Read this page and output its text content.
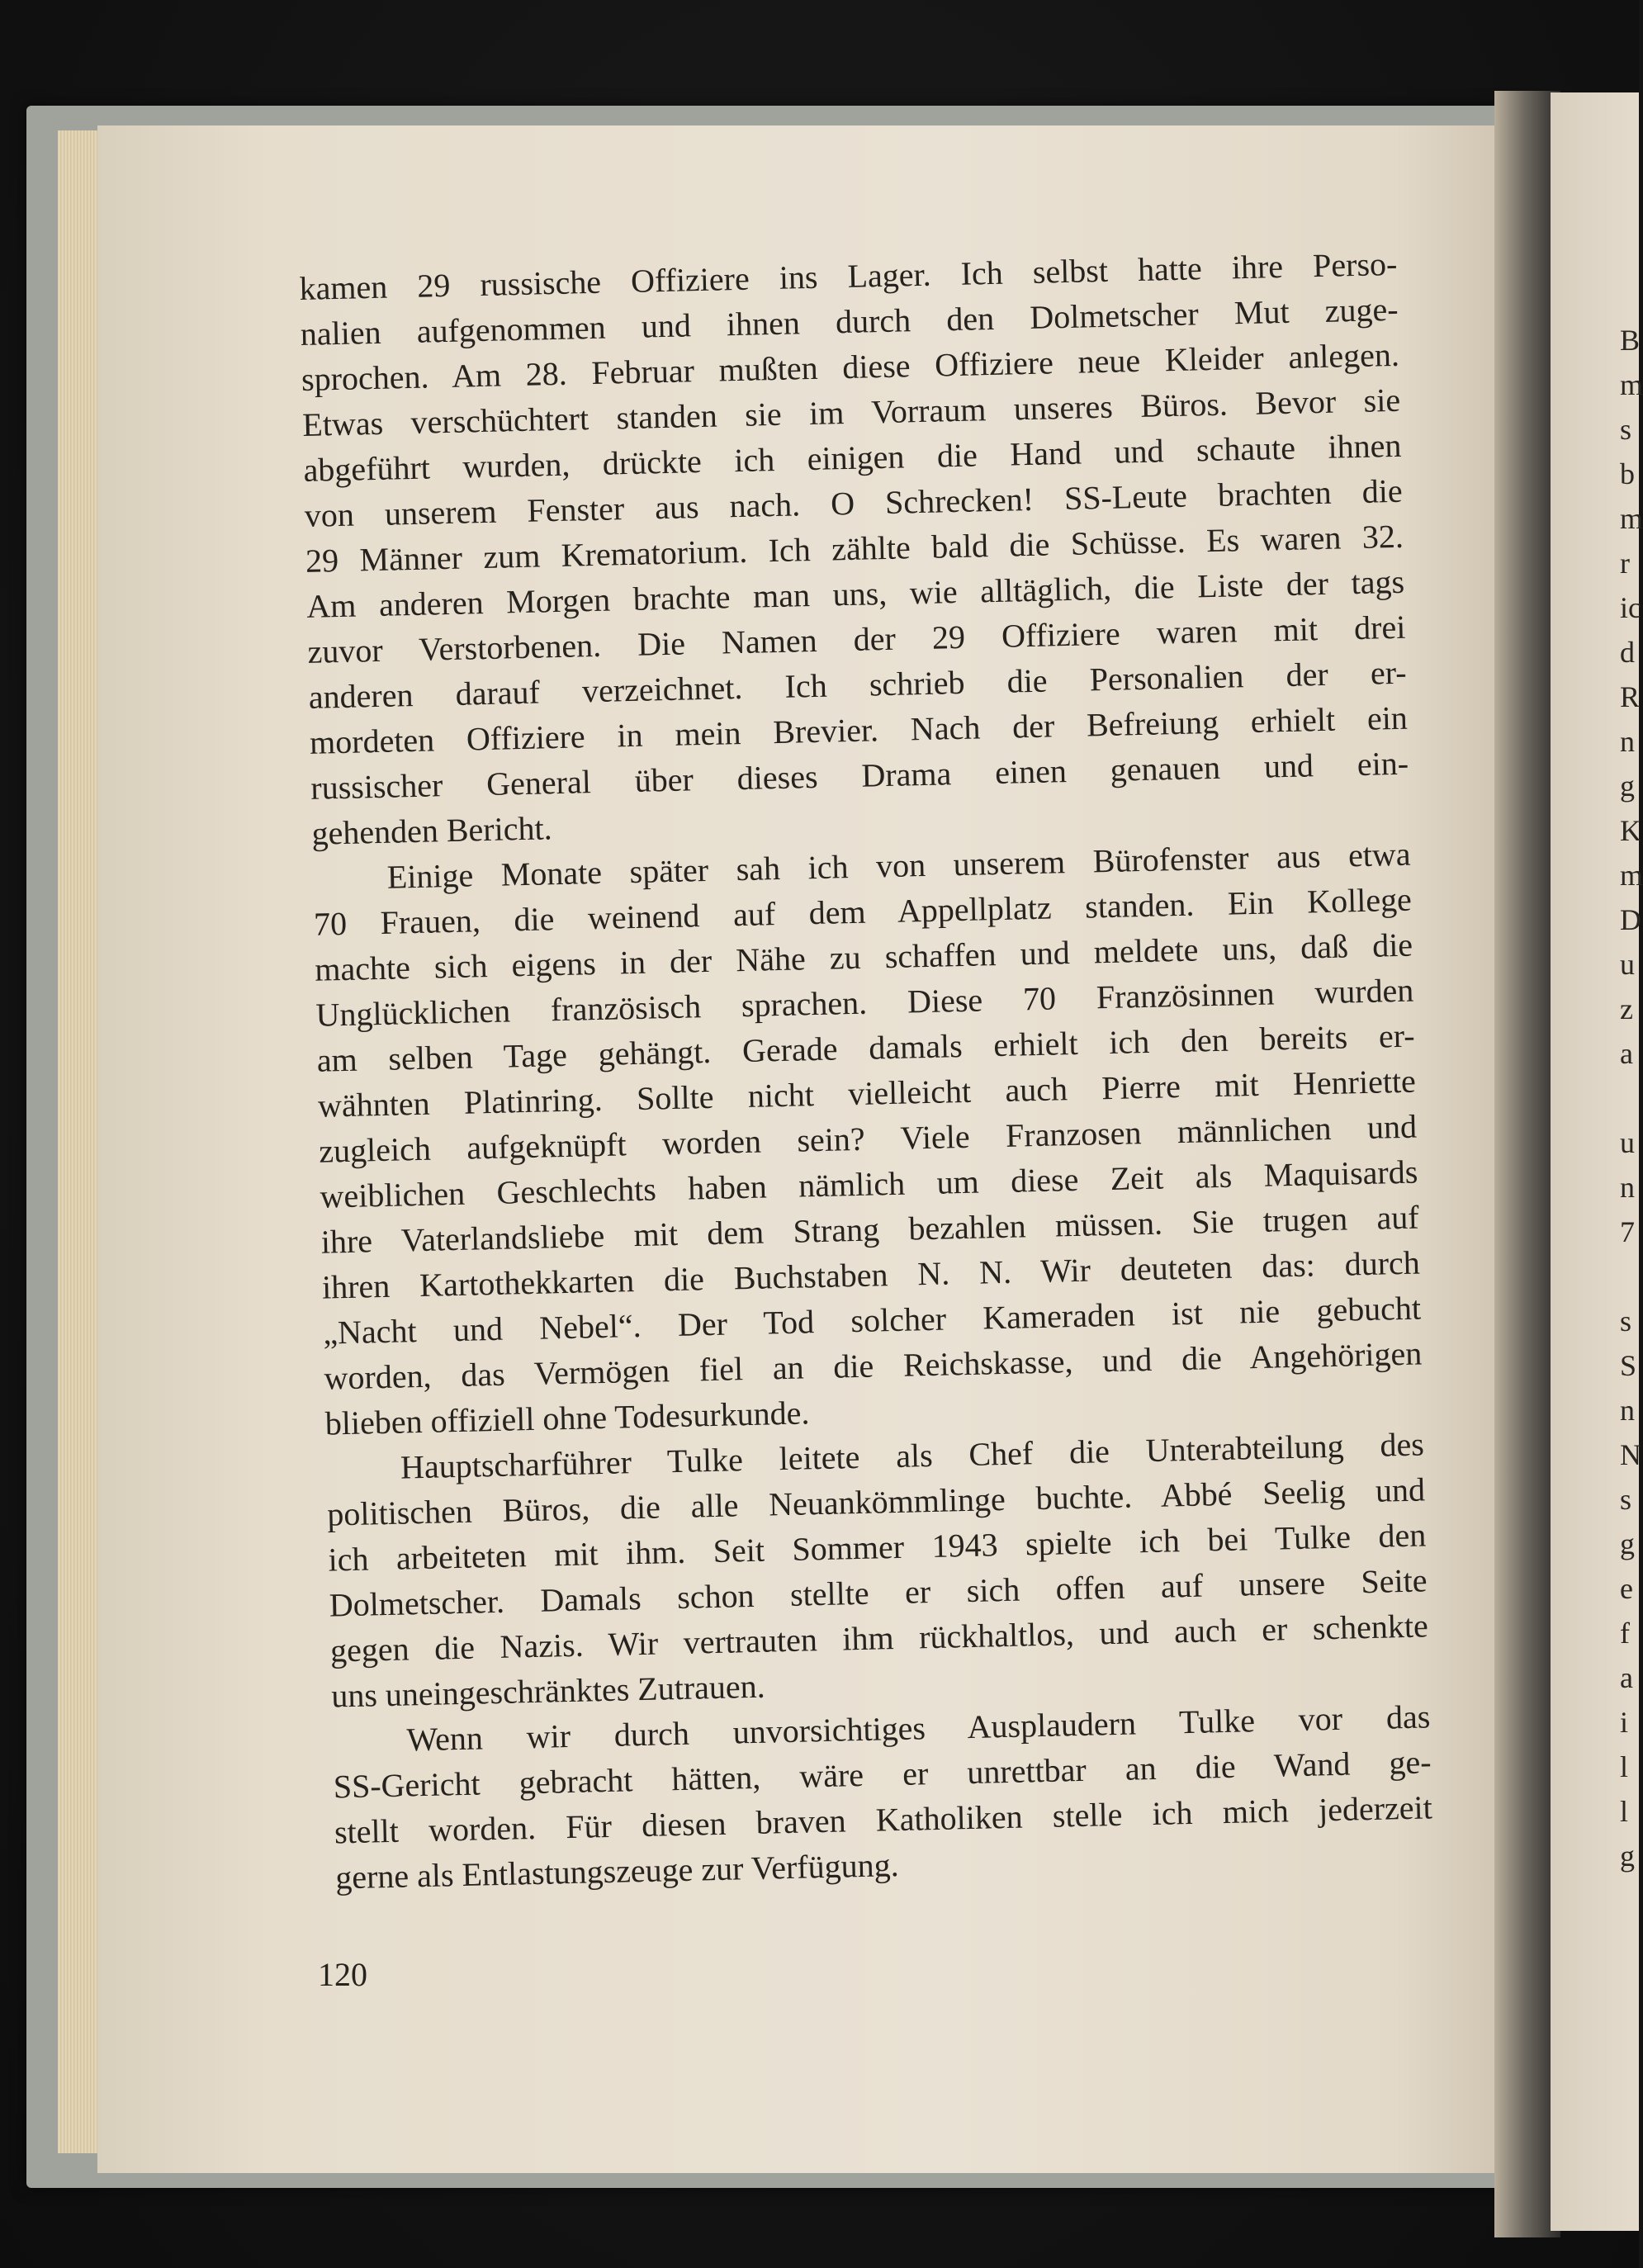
B
m
s
b
m
r
ic
d
R
n
g
K
m
D
u
z
a
u
n
7
s
S
n
N
s
g
e
f
a
i
l
l
g
kamen 29 russische Offiziere ins Lager. Ich selbst hatte ihre Perso-
nalien aufgenommen und ihnen durch den Dolmetscher Mut zuge-
sprochen. Am 28. Februar mußten diese Offiziere neue Kleider anlegen.
Etwas verschüchtert standen sie im Vorraum unseres Büros. Bevor sie
abgeführt wurden, drückte ich einigen die Hand und schaute ihnen
von unserem Fenster aus nach. O Schrecken! SS-Leute brachten die
29 Männer zum Krematorium. Ich zählte bald die Schüsse. Es waren 32.
Am anderen Morgen brachte man uns, wie alltäglich, die Liste der tags
zuvor Verstorbenen. Die Namen der 29 Offiziere waren mit drei
anderen darauf verzeichnet. Ich schrieb die Personalien der er-
mordeten Offiziere in mein Brevier. Nach der Befreiung erhielt ein
russischer General über dieses Drama einen genauen und ein-
gehenden Bericht.
Einige Monate später sah ich von unserem Bürofenster aus etwa
70 Frauen, die weinend auf dem Appellplatz standen. Ein Kollege
machte sich eigens in der Nähe zu schaffen und meldete uns, daß die
Unglücklichen französisch sprachen. Diese 70 Französinnen wurden
am selben Tage gehängt. Gerade damals erhielt ich den bereits er-
wähnten Platinring. Sollte nicht vielleicht auch Pierre mit Henriette
zugleich aufgeknüpft worden sein? Viele Franzosen männlichen und
weiblichen Geschlechts haben nämlich um diese Zeit als Maquisards
ihre Vaterlandsliebe mit dem Strang bezahlen müssen. Sie trugen auf
ihren Kartothekkarten die Buchstaben N. N. Wir deuteten das: durch
„Nacht und Nebel“. Der Tod solcher Kameraden ist nie gebucht
worden, das Vermögen fiel an die Reichskasse, und die Angehörigen
blieben offiziell ohne Todesurkunde.
Hauptscharführer Tulke leitete als Chef die Unterabteilung des
politischen Büros, die alle Neuankömmlinge buchte. Abbé Seelig und
ich arbeiteten mit ihm. Seit Sommer 1943 spielte ich bei Tulke den
Dolmetscher. Damals schon stellte er sich offen auf unsere Seite
gegen die Nazis. Wir vertrauten ihm rückhaltlos, und auch er schenkte
uns uneingeschränktes Zutrauen.
Wenn wir durch unvorsichtiges Ausplaudern Tulke vor das
SS-Gericht gebracht hätten, wäre er unrettbar an die Wand ge-
stellt worden. Für diesen braven Katholiken stelle ich mich jederzeit
gerne als Entlastungszeuge zur Verfügung.
120
